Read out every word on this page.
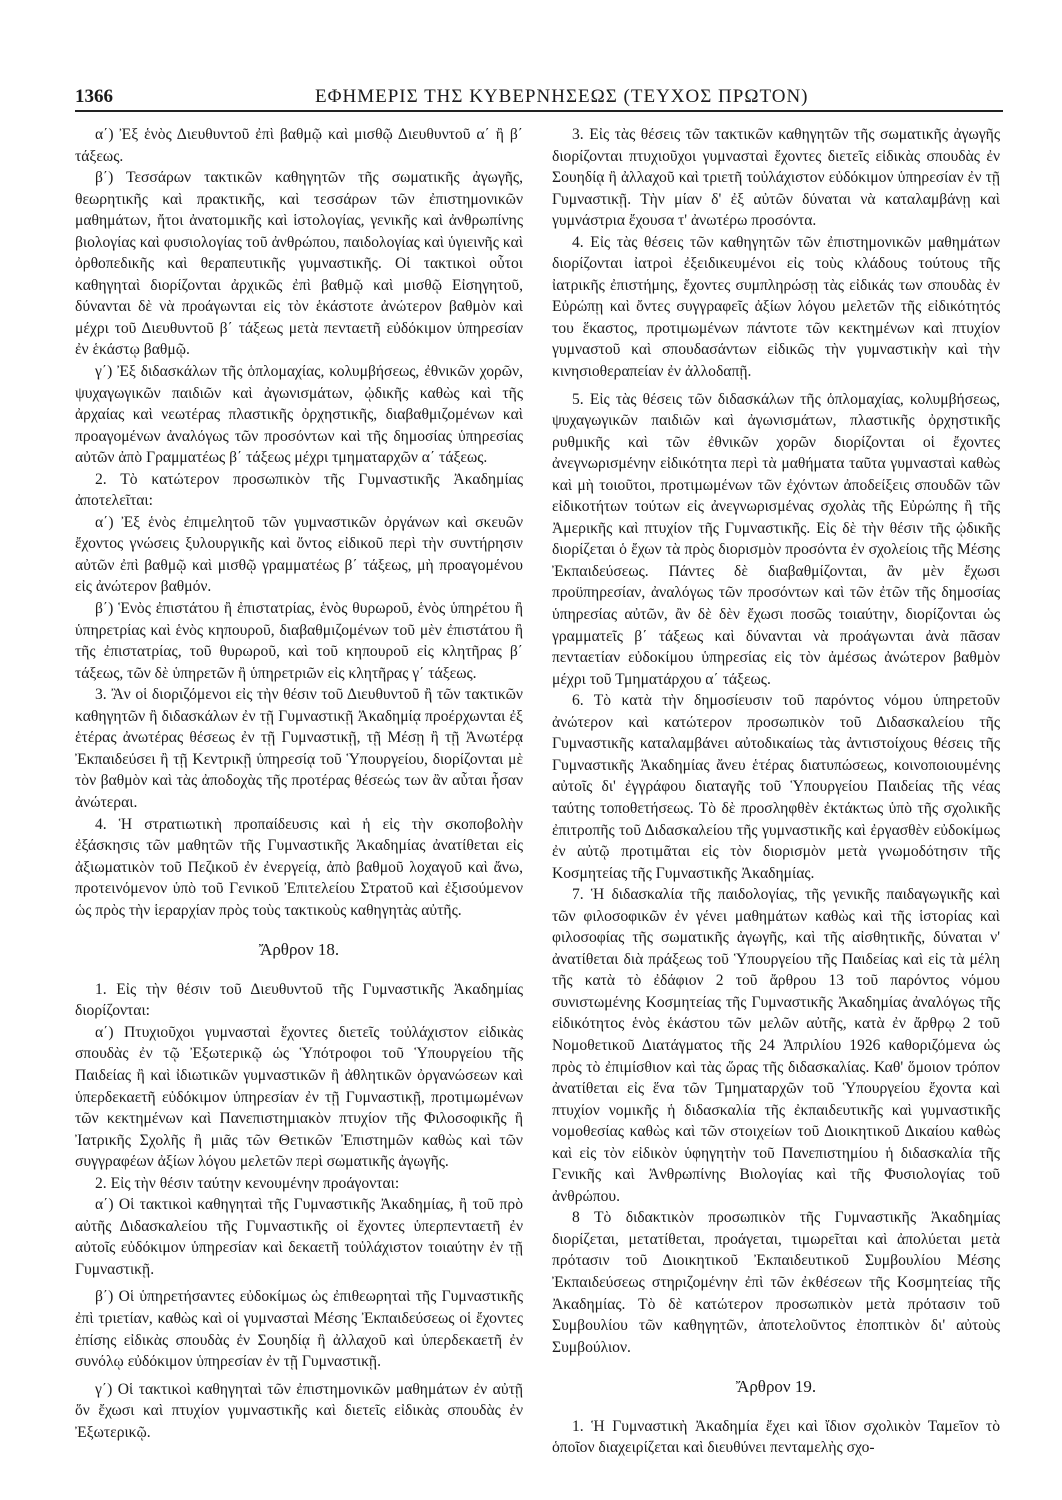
1366	ΕΦΗΜΕΡΙΣ ΤΗΣ ΚΥΒΕΡΝΗΣΕΩΣ (ΤΕΥΧΟΣ ΠΡΩΤΟΝ)

α΄) Ἐξ ἑνὸς Διευθυντοῦ ἐπὶ βαθμῷ καὶ μισθῷ Διευθυντοῦ α΄ ἢ β΄ τάξεως.

β΄) Τεσσάρων τακτικῶν καθηγητῶν τῆς σωματικῆς ἀγωγῆς, θεωρητικῆς καὶ πρακτικῆς, καὶ τεσσάρων τῶν ἐπιστημονικῶν μαθημάτων, ἤτοι ἀνατομικῆς καὶ ἱστολογίας, γενικῆς καὶ ἀνθρωπίνης βιολογίας καὶ φυσιολογίας τοῦ ἀνθρώπου, παιδολογίας καὶ ὑγιεινῆς καὶ ὀρθοπεδικῆς καὶ θεραπευτικῆς γυμναστικῆς. Οἱ τακτικοὶ οὗτοι καθηγηταὶ διορίζονται ἀρχικῶς ἐπὶ βαθμῷ καὶ μισθῷ Εἰσηγητοῦ, δύνανται δὲ νὰ προάγωνται εἰς τὸν ἑκάστοτε ἀνώτερον βαθμὸν καὶ μέχρι τοῦ Διευθυντοῦ β΄ τάξεως μετὰ πενταετῆ εὐδόκιμον ὑπηρεσίαν ἐν ἑκάστῳ βαθμῷ.

γ΄) Ἐξ διδασκάλων τῆς ὁπλομαχίας, κολυμβήσεως, ἐθνικῶν χορῶν, ψυχαγωγικῶν παιδιῶν καὶ ἀγωνισμάτων, ᾠδικῆς καθὼς καὶ τῆς ἀρχαίας καὶ νεωτέρας πλαστικῆς ὀρχηστικῆς, διαβαθμιζομένων καὶ προαγομένων ἀναλόγως τῶν προσόντων καὶ τῆς δημοσίας ὑπηρεσίας αὐτῶν ἀπὸ Γραμματέως β΄ τάξεως μέχρι τμηματαρχῶν α΄ τάξεως.

2. Τὸ κατώτερον προσωπικὸν τῆς Γυμναστικῆς Ἀκαδημίας ἀποτελεῖται:

α΄) Ἐξ ἑνὸς ἐπιμελητοῦ τῶν γυμναστικῶν ὀργάνων καὶ σκευῶν ἔχοντος γνώσεις ξυλουργικῆς καὶ ὄντος εἰδικοῦ περὶ τὴν συντήρησιν αὐτῶν ἐπὶ βαθμῷ καὶ μισθῷ γραμματέως β΄ τάξεως, μὴ προαγομένου εἰς ἀνώτερον βαθμόν.

β΄) Ἑνὸς ἐπιστάτου ἢ ἐπιστατρίας, ἑνὸς θυρωροῦ, ἑνὸς ὑπηρέτου ἢ ὑπηρετρίας καὶ ἑνὸς κηπουροῦ, διαβαθμιζομένων τοῦ μὲν ἐπιστάτου ἢ τῆς ἐπιστατρίας, τοῦ θυρωροῦ, καὶ τοῦ κηπουροῦ εἰς κλητῆρας β΄ τάξεως, τῶν δὲ ὑπηρετῶν ἢ ὑπηρετριῶν εἰς κλητῆρας γ΄ τάξεως.

3. Ἂν οἱ διοριζόμενοι εἰς τὴν θέσιν τοῦ Διευθυντοῦ ἢ τῶν τακτικῶν καθηγητῶν ἢ διδασκάλων ἐν τῇ Γυμναστικῇ Ἀκαδημίᾳ προέρχωνται ἐξ ἑτέρας ἀνωτέρας θέσεως ἐν τῇ Γυμναστικῇ, τῇ Μέσῃ ἢ τῇ Ἀνωτέρᾳ Ἐκπαιδεύσει ἢ τῇ Κεντρικῇ ὑπηρεσίᾳ τοῦ Ὑπουργείου, διορίζονται μὲ τὸν βαθμὸν καὶ τὰς ἀποδοχὰς τῆς προτέρας θέσεώς των ἂν αὗται ἦσαν ἀνώτεραι.

4. Ἡ στρατιωτικὴ προπαίδευσις καὶ ἡ εἰς τὴν σκοποβολὴν ἐξάσκησις τῶν μαθητῶν τῆς Γυμναστικῆς Ἀκαδημίας ἀνατίθεται εἰς ἀξιωματικὸν τοῦ Πεζικοῦ ἐν ἐνεργείᾳ, ἀπὸ βαθμοῦ λοχαγοῦ καὶ ἄνω, προτεινόμενον ὑπὸ τοῦ Γενικοῦ Ἐπιτελείου Στρατοῦ καὶ ἐξισούμενον ὡς πρὸς τὴν ἱεραρχίαν πρὸς τοὺς τακτικοὺς καθηγητὰς αὐτῆς.

Ἄρθρον 18.

1. Εἰς τὴν θέσιν τοῦ Διευθυντοῦ τῆς Γυμναστικῆς Ἀκαδημίας διορίζονται:

α΄) Πτυχιοῦχοι γυμνασταὶ ἔχοντες διετεῖς τοὐλάχιστον εἰδικὰς σπουδὰς ἐν τῷ Ἐξωτερικῷ ὡς Ὑπότροφοι τοῦ Ὑπουργείου τῆς Παιδείας ἢ καὶ ἰδιωτικῶν γυμναστικῶν ἢ ἀθλητικῶν ὀργανώσεων καὶ ὑπερδεκαετῆ εὐδόκιμον ὑπηρεσίαν ἐν τῇ Γυμναστικῇ, προτιμωμένων τῶν κεκτημένων καὶ Πανεπιστημιακὸν πτυχίον τῆς Φιλοσοφικῆς ἢ Ἰατρικῆς Σχολῆς ἢ μιᾶς τῶν Θετικῶν Ἐπιστημῶν καθὼς καὶ τῶν συγγραφέων ἀξίων λόγου μελετῶν περὶ σωματικῆς ἀγωγῆς.

2. Εἰς τὴν θέσιν ταύτην κενουμένην προάγονται:

α΄) Οἱ τακτικοὶ καθηγηταὶ τῆς Γυμναστικῆς Ἀκαδημίας, ἢ τοῦ πρὸ αὐτῆς Διδασκαλείου τῆς Γυμναστικῆς οἱ ἔχοντες ὑπερπενταετῆ ἐν αὐτοῖς εὐδόκιμον ὑπηρεσίαν καὶ δεκαετῆ τοὐλάχιστον τοιαύτην ἐν τῇ Γυμναστικῇ.

β΄) Οἱ ὑπηρετήσαντες εὐδοκίμως ὡς ἐπιθεωρηταὶ τῆς Γυμναστικῆς ἐπὶ τριετίαν, καθὼς καὶ οἱ γυμνασταὶ Μέσης Ἐκπαιδεύσεως οἱ ἔχοντες ἐπίσης εἰδικὰς σπουδὰς ἐν Σουηδίᾳ ἢ ἀλλαχοῦ καὶ ὑπερδεκαετῆ ἐν συνόλῳ εὐδόκιμον ὑπηρεσίαν ἐν τῇ Γυμναστικῇ.

γ΄) Οἱ τακτικοὶ καθηγηταὶ τῶν ἐπιστημονικῶν μαθημάτων ἐν αὐτῇ ὅν ἔχωσι καὶ πτυχίον γυμναστικῆς καὶ διετεῖς εἰδικὰς σπουδὰς ἐν Ἐξωτερικῷ.

3. Εἰς τὰς θέσεις τῶν τακτικῶν καθηγητῶν τῆς σωματικῆς ἀγωγῆς διορίζονται πτυχιοῦχοι γυμνασταὶ ἔχοντες διετεῖς εἰδικὰς σπουδὰς ἐν Σουηδίᾳ ἢ ἀλλαχοῦ καὶ τριετῆ τοὐλάχιστον εὐδόκιμον ὑπηρεσίαν ἐν τῇ Γυμναστικῇ. Τὴν μίαν δ' ἐξ αὐτῶν δύναται νὰ καταλαμβάνῃ καὶ γυμνάστρια ἔχουσα τ' ἀνωτέρω προσόντα.

4. Εἰς τὰς θέσεις τῶν καθηγητῶν τῶν ἐπιστημονικῶν μαθημάτων διορίζονται ἰατροὶ ἐξειδικευμένοι εἰς τοὺς κλάδους τούτους τῆς ἰατρικῆς ἐπιστήμης, ἔχοντες συμπληρώσῃ τὰς εἰδικάς των σπουδὰς ἐν Εὐρώπῃ καὶ ὄντες συγγραφεῖς ἀξίων λόγου μελετῶν τῆς εἰδικότητός του ἕκαστος, προτιμωμένων πάντοτε τῶν κεκτημένων καὶ πτυχίον γυμναστοῦ καὶ σπουδασάντων εἰδικῶς τὴν γυμναστικὴν καὶ τὴν κινησιοθεραπείαν ἐν ἀλλοδαπῇ.

5. Εἰς τὰς θέσεις τῶν διδασκάλων τῆς ὁπλομαχίας, κολυμβήσεως, ψυχαγωγικῶν παιδιῶν καὶ ἀγωνισμάτων, πλαστικῆς ὀρχηστικῆς ρυθμικῆς καὶ τῶν ἐθνικῶν χορῶν διορίζονται οἱ ἔχοντες ἀνεγνωρισμένην εἰδικότητα περὶ τὰ μαθήματα ταῦτα γυμνασταὶ καθὼς καὶ μὴ τοιοῦτοι, προτιμωμένων τῶν ἐχόντων ἀποδείξεις σπουδῶν τῶν εἰδικοτήτων τούτων εἰς ἀνεγνωρισμένας σχολὰς τῆς Εὐρώπης ἢ τῆς Ἀμερικῆς καὶ πτυχίον τῆς Γυμναστικῆς. Εἰς δὲ τὴν θέσιν τῆς ᾠδικῆς διορίζεται ὁ ἔχων τὰ πρὸς διορισμὸν προσόντα ἐν σχολείοις τῆς Μέσης Ἐκπαιδεύσεως. Πάντες δὲ διαβαθμίζονται, ἂν μὲν ἔχωσι προϋπηρεσίαν, ἀναλόγως τῶν προσόντων καὶ τῶν ἐτῶν τῆς δημοσίας ὑπηρεσίας αὐτῶν, ἂν δὲ δὲν ἔχωσι ποσῶς τοιαύτην, διορίζονται ὡς γραμματεῖς β΄ τάξεως καὶ δύνανται νὰ προάγωνται ἀνὰ πᾶσαν πενταετίαν εὐδοκίμου ὑπηρεσίας εἰς τὸν ἀμέσως ἀνώτερον βαθμὸν μέχρι τοῦ Τμηματάρχου α΄ τάξεως.

6. Τὸ κατὰ τὴν δημοσίευσιν τοῦ παρόντος νόμου ὑπηρετοῦν ἀνώτερον καὶ κατώτερον προσωπικὸν τοῦ Διδασκαλείου τῆς Γυμναστικῆς καταλαμβάνει αὐτοδικαίως τὰς ἀντιστοίχους θέσεις τῆς Γυμναστικῆς Ἀκαδημίας ἄνευ ἑτέρας διατυπώσεως, κοινοποιουμένης αὐτοῖς δι' ἐγγράφου διαταγῆς τοῦ Ὑπουργείου Παιδείας τῆς νέας ταύτης τοποθετήσεως. Τὸ δὲ προσληφθὲν ἐκτάκτως ὑπὸ τῆς σχολικῆς ἐπιτροπῆς τοῦ Διδασκαλείου τῆς γυμναστικῆς καὶ ἐργασθὲν εὐδοκίμως ἐν αὐτῷ προτιμᾶται εἰς τὸν διορισμὸν μετὰ γνωμοδότησιν τῆς Κοσμητείας τῆς Γυμναστικῆς Ἀκαδημίας.

7. Ἡ διδασκαλία τῆς παιδολογίας, τῆς γενικῆς παιδαγωγικῆς καὶ τῶν φιλοσοφικῶν ἐν γένει μαθημάτων καθὼς καὶ τῆς ἱστορίας καὶ φιλοσοφίας τῆς σωματικῆς ἀγωγῆς, καὶ τῆς αἰσθητικῆς, δύναται ν' ἀνατίθεται διὰ πράξεως τοῦ Ὑπουργείου τῆς Παιδείας καὶ εἰς τὰ μέλη τῆς κατὰ τὸ ἐδάφιον 2 τοῦ ἄρθρου 13 τοῦ παρόντος νόμου συνιστωμένης Κοσμητείας τῆς Γυμναστικῆς Ἀκαδημίας ἀναλόγως τῆς εἰδικότητος ἑνὸς ἑκάστου τῶν μελῶν αὐτῆς, κατὰ ἐν ἄρθρῳ 2 τοῦ Νομοθετικοῦ Διατάγματος τῆς 24 Ἀπριλίου 1926 καθοριζόμενα ὡς πρὸς τὸ ἐπιμίσθιον καὶ τὰς ὥρας τῆς διδασκαλίας. Καθ' ὅμοιον τρόπον ἀνατίθεται εἰς ἕνα τῶν Τμηματαρχῶν τοῦ Ὑπουργείου ἔχοντα καὶ πτυχίον νομικῆς ἡ διδασκαλία τῆς ἐκπαιδευτικῆς καὶ γυμναστικῆς νομοθεσίας καθὼς καὶ τῶν στοιχείων τοῦ Διοικητικοῦ Δικαίου καθὼς καὶ εἰς τὸν εἰδικὸν ὑφηγητὴν τοῦ Πανεπιστημίου ἡ διδασκαλία τῆς Γενικῆς καὶ Ἀνθρωπίνης Βιολογίας καὶ τῆς Φυσιολογίας τοῦ ἀνθρώπου.

8 Τὸ διδακτικὸν προσωπικὸν τῆς Γυμναστικῆς Ἀκαδημίας διορίζεται, μετατίθεται, προάγεται, τιμωρεῖται καὶ ἀπολύεται μετὰ πρότασιν τοῦ Διοικητικοῦ Ἐκπαιδευτικοῦ Συμβουλίου Μέσης Ἐκπαιδεύσεως στηριζομένην ἐπὶ τῶν ἐκθέσεων τῆς Κοσμητείας τῆς Ἀκαδημίας. Τὸ δὲ κατώτερον προσωπικὸν μετὰ πρότασιν τοῦ Συμβουλίου τῶν καθηγητῶν, ἀποτελοῦντος ἐποπτικὸν δι' αὐτοὺς Συμβούλιον.

Ἄρθρον 19.

1. Ἡ Γυμναστικὴ Ἀκαδημία ἔχει καὶ ἴδιον σχολικὸν Ταμεῖον τὸ ὁποῖον διαχειρίζεται καὶ διευθύνει πενταμελὴς σχο-
